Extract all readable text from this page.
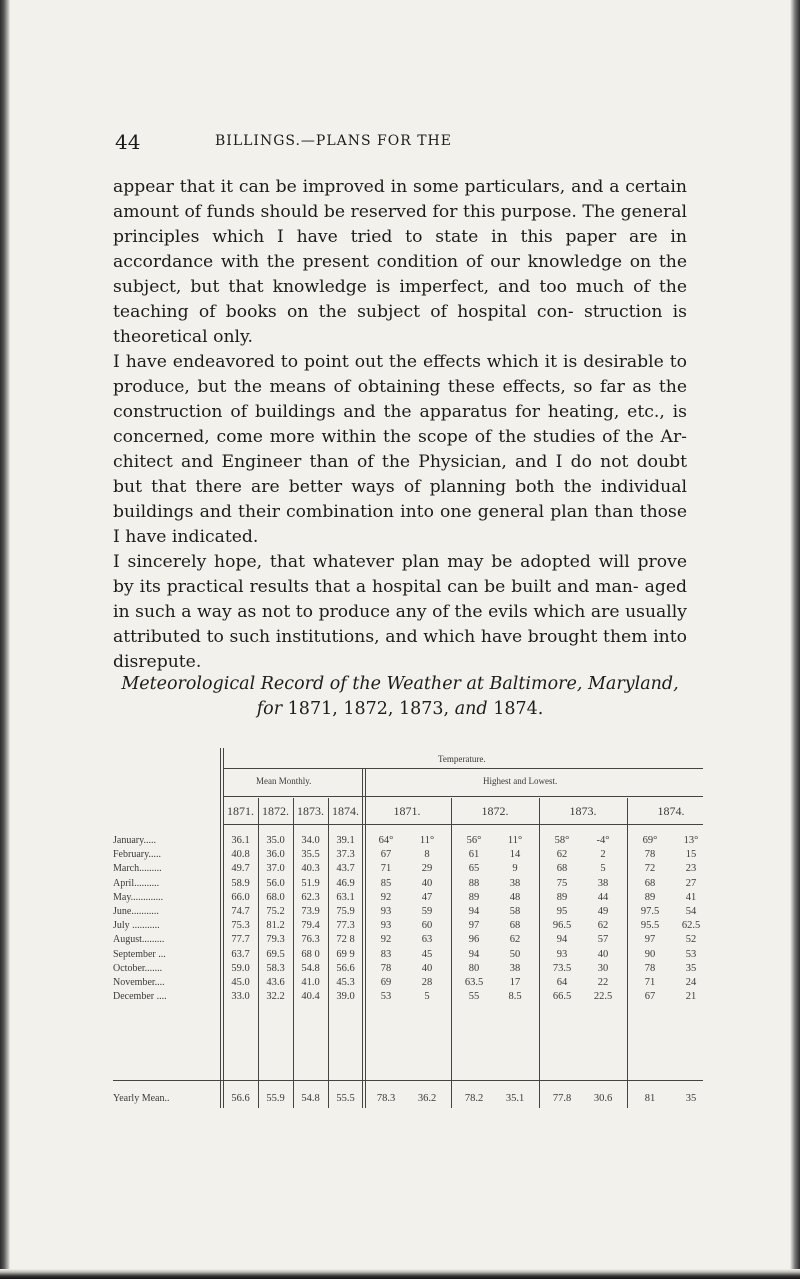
44	BILLINGS.—PLANS FOR THE

appear that it can be improved in some particulars, and a certain amount of funds should be reserved for this purpose. The general principles which I have tried to state in this paper are in accordance with the present condition of our knowledge on the subject, but that knowledge is imperfect, and too much of the teaching of books on the subject of hospital con- struction is theoretical only.

I have endeavored to point out the effects which it is desirable to produce, but the means of obtaining these effects, so far as the construction of buildings and the apparatus for heating, etc., is concerned, come more within the scope of the studies of the Ar- chitect and Engineer than of the Physician, and I do not doubt but that there are better ways of planning both the individual buildings and their combination into one general plan than those I have indicated.

I sincerely hope, that whatever plan may be adopted will prove by its practical results that a hospital can be built and man- aged in such a way as not to produce any of the evils which are usually attributed to such institutions, and which have brought them into disrepute.

Meteorological Record of the Weather at Baltimore, Maryland,
for 1871, 1872, 1873, and 1874.
Temperature.
Mean Monthly.	Highest and Lowest.
1871. 1872. 1873. 1874.	1871.	1872.	1873.	1874.
January.....	36.1	35.0	34.0	39.1	64°	11°	56°	11°	58°	-4°	69°	13°
February.....	40.8	36.0	35.5	37.3	67	8	61	14	62	2	78	15
March.........	49.7	37.0	40.3	43.7	71	29	65	9	68	5	72	23
April..........	58.9	56.0	51.9	46.9	85	40	88	38	75	38	68	27
May.............	66.0	68.0	62.3	63.1	92	47	89	48	89	44	89	41
June...........	74.7	75.2	73.9	75.9	93	59	94	58	95	49	97.5	54
July ...........	75.3	81.2	79.4	77.3	93	60	97	68	96.5	62	95.5	62.5
August.........	77.7	79.3	76.3	72 8	92	63	96	62	94	57	97	52
September ...	63.7	69.5	68 0	69 9	83	45	94	50	93	40	90	53
October.......	59.0	58.3	54.8	56.6	78	40	80	38	73.5	30	78	35
November....	45.0	43.6	41.0	45.3	69	28	63.5	17	64	22	71	24
December ....	33.0	32.2	40.4	39.0	53	5	55	8.5	66.5	22.5	67	21
Yearly Mean..	56.6	55.9	54.8	55.5	78.3	36.2	78.2	35.1	77.8	30.6	81	35
